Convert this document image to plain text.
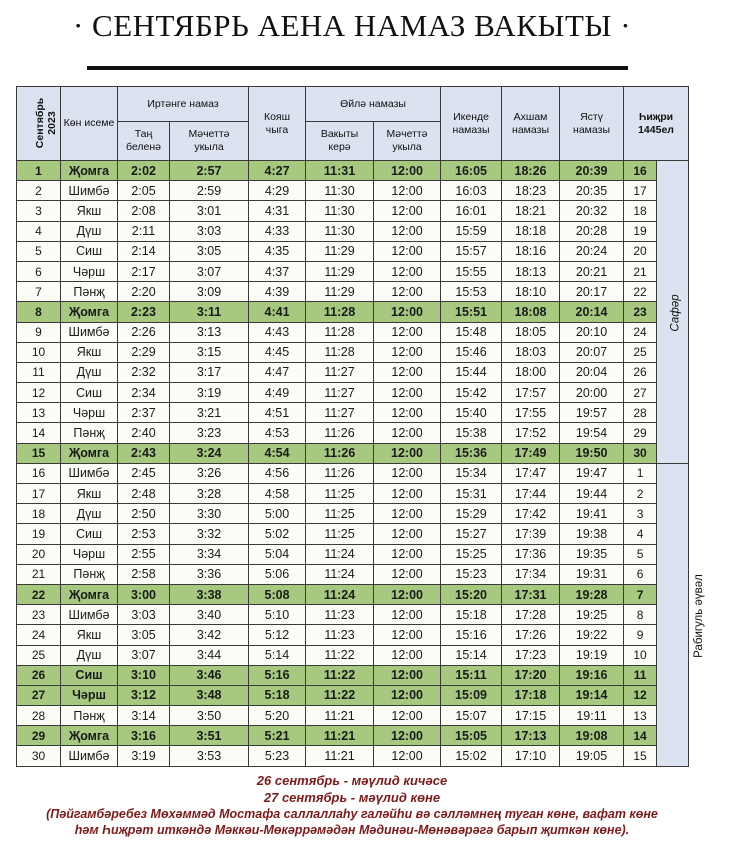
· СЕНТЯБРЬ АЕНА НАМАЗ ВАКЫТЫ ·
Сентябрь 2023	Көн исеме	Иртәнге намаз		Кояш чыга	Өйлә намазы		Икенде намазы	Ахшам намазы	Ястү намазы	Һиҗри 1445ел	
		Таң беленә	Мәчеттә укыла		Вакыты керә	Мәчеттә укыла					
1	Җомга	2:02	2:57	4:27	11:31	12:00	16:05	18:26	20:39	16	Сафәр
2	Шимбә	2:05	2:59	4:29	11:30	12:00	16:03	18:23	20:35	17	
3	Якш	2:08	3:01	4:31	11:30	12:00	16:01	18:21	20:32	18	
4	Дүш	2:11	3:03	4:33	11:30	12:00	15:59	18:18	20:28	19	
5	Сиш	2:14	3:05	4:35	11:29	12:00	15:57	18:16	20:24	20	
6	Чәрш	2:17	3:07	4:37	11:29	12:00	15:55	18:13	20:21	21	
7	Пәнҗ	2:20	3:09	4:39	11:29	12:00	15:53	18:10	20:17	22	
8	Җомга	2:23	3:11	4:41	11:28	12:00	15:51	18:08	20:14	23	
9	Шимбә	2:26	3:13	4:43	11:28	12:00	15:48	18:05	20:10	24	
10	Якш	2:29	3:15	4:45	11:28	12:00	15:46	18:03	20:07	25	
11	Дүш	2:32	3:17	4:47	11:27	12:00	15:44	18:00	20:04	26	
12	Сиш	2:34	3:19	4:49	11:27	12:00	15:42	17:57	20:00	27	
13	Чәрш	2:37	3:21	4:51	11:27	12:00	15:40	17:55	19:57	28	
14	Пәнҗ	2:40	3:23	4:53	11:26	12:00	15:38	17:52	19:54	29	
15	Җомга	2:43	3:24	4:54	11:26	12:00	15:36	17:49	19:50	30	
16	Шимбә	2:45	3:26	4:56	11:26	12:00	15:34	17:47	19:47	1	Рабигуль әүвәл
17	Якш	2:48	3:28	4:58	11:25	12:00	15:31	17:44	19:44	2	
18	Дүш	2:50	3:30	5:00	11:25	12:00	15:29	17:42	19:41	3	
19	Сиш	2:53	3:32	5:02	11:25	12:00	15:27	17:39	19:38	4	
20	Чәрш	2:55	3:34	5:04	11:24	12:00	15:25	17:36	19:35	5	
21	Пәнҗ	2:58	3:36	5:06	11:24	12:00	15:23	17:34	19:31	6	
22	Җомга	3:00	3:38	5:08	11:24	12:00	15:20	17:31	19:28	7	
23	Шимбә	3:03	3:40	5:10	11:23	12:00	15:18	17:28	19:25	8	
24	Якш	3:05	3:42	5:12	11:23	12:00	15:16	17:26	19:22	9	
25	Дүш	3:07	3:44	5:14	11:22	12:00	15:14	17:23	19:19	10	
26	Сиш	3:10	3:46	5:16	11:22	12:00	15:11	17:20	19:16	11	
27	Чәрш	3:12	3:48	5:18	11:22	12:00	15:09	17:18	19:14	12	
28	Пәнҗ	3:14	3:50	5:20	11:21	12:00	15:07	17:15	19:11	13	
29	Җомга	3:16	3:51	5:21	11:21	12:00	15:05	17:13	19:08	14	
30	Шимбә	3:19	3:53	5:23	11:21	12:00	15:02	17:10	19:05	15	
26 сентябрь - мәүлид кичәсе
27 сентябрь - мәүлид көне
(Пәйгамбәребез Мөхәммәд Мостафа саллаллаһу галәйһи вә сәлләмнең туган көне, вафат көне
һәм Һиҗрәт иткәндә Мәккәи-Мөкәррәмәдән Мәдинәи-Мөнәвәрәгә барып җиткән көне).
